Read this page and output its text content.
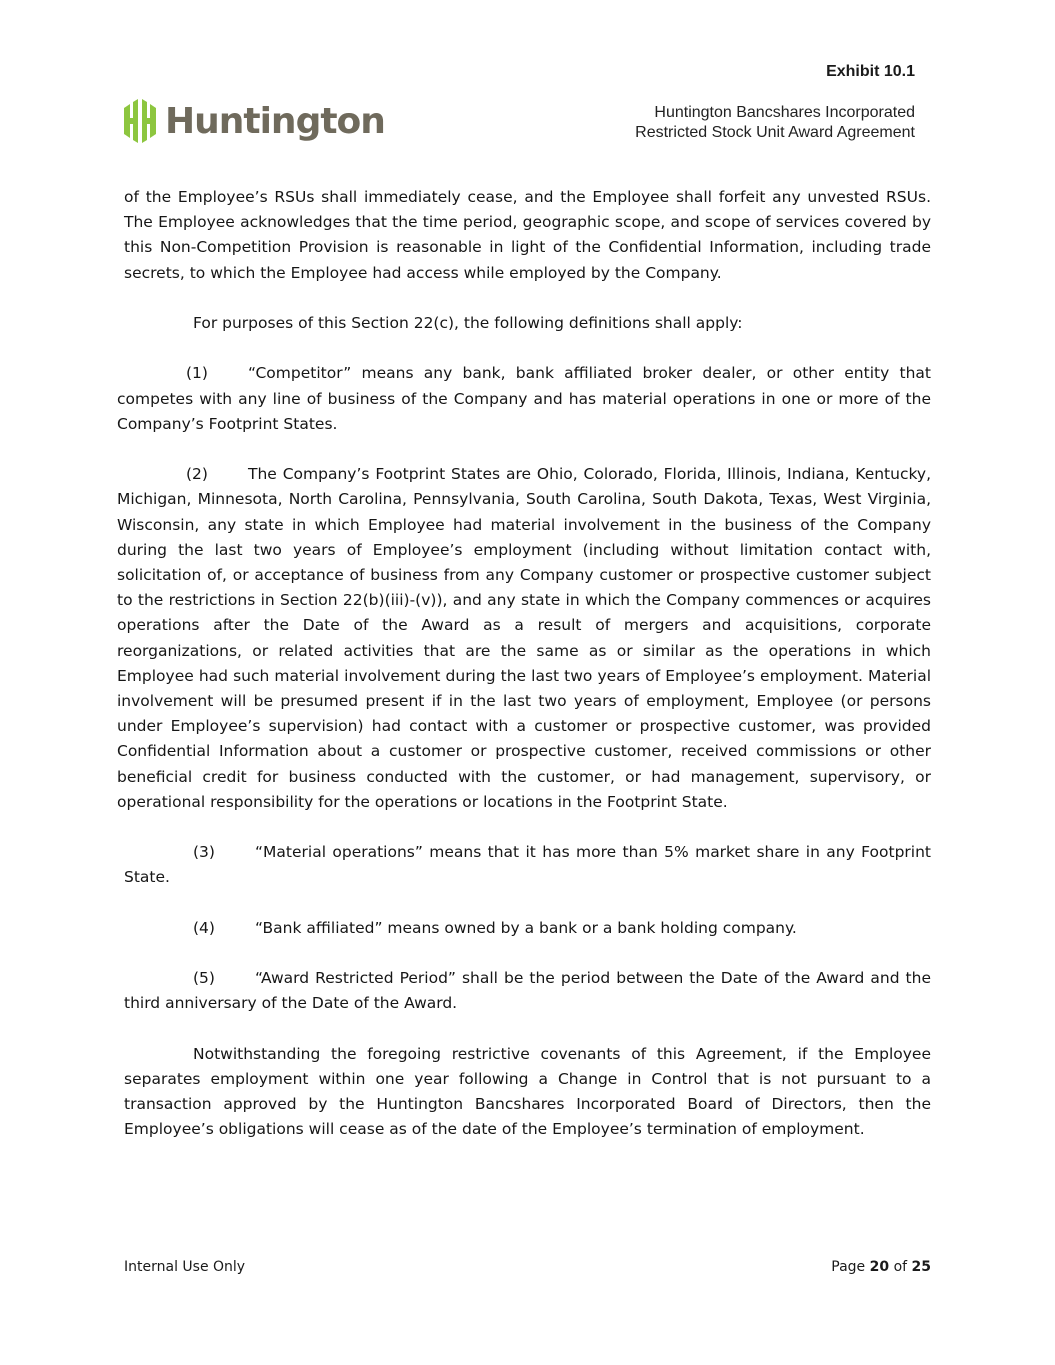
Exhibit 10.1
Huntington	Huntington Bancshares Incorporated
Restricted Stock Unit Award Agreement

of the Employee’s RSUs shall immediately cease, and the Employee shall forfeit any unvested RSUs. The Employee acknowledges that the time period, geographic scope, and scope of services covered by this Non-Competition Provision is reasonable in light of the Confidential Information, including trade secrets, to which the Employee had access while employed by the Company.

For purposes of this Section 22(c), the following definitions shall apply:

(1)	“Competitor” means any bank, bank affiliated broker dealer, or other entity that competes with any line of business of the Company and has material operations in one or more of the Company’s Footprint States.

(2)	The Company’s Footprint States are Ohio, Colorado, Florida, Illinois, Indiana, Kentucky, Michigan, Minnesota, North Carolina, Pennsylvania, South Carolina, South Dakota, Texas, West Virginia, Wisconsin, any state in which Employee had material involvement in the business of the Company during the last two years of Employee’s employment (including without limitation contact with, solicitation of, or acceptance of business from any Company customer or prospective customer subject to the restrictions in Section 22(b)(iii)-(v)), and any state in which the Company commences or acquires operations after the Date of the Award as a result of mergers and acquisitions, corporate reorganizations, or related activities that are the same as or similar as the operations in which Employee had such material involvement during the last two years of Employee’s employment. Material involvement will be presumed present if in the last two years of employment, Employee (or persons under Employee’s supervision) had contact with a customer or prospective customer, was provided Confidential Information about a customer or prospective customer, received commissions or other beneficial credit for business conducted with the customer, or had management, supervisory, or operational responsibility for the operations or locations in the Footprint State.

(3)	“Material operations” means that it has more than 5% market share in any Footprint State.

(4)	“Bank affiliated” means owned by a bank or a bank holding company.

(5)	“Award Restricted Period” shall be the period between the Date of the Award and the third anniversary of the Date of the Award.

Notwithstanding the foregoing restrictive covenants of this Agreement, if the Employee separates employment within one year following a Change in Control that is not pursuant to a transaction approved by the Huntington Bancshares Incorporated Board of Directors, then the Employee’s obligations will cease as of the date of the Employee’s termination of employment.

Internal Use Only	Page 20 of 25
